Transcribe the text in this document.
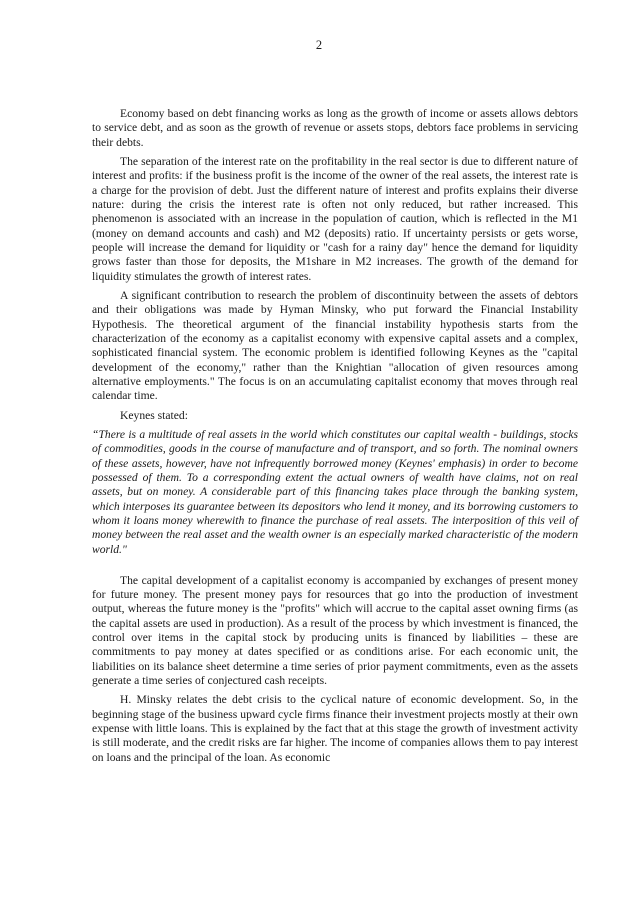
2

Economy based on debt financing works as long as the growth of income or assets allows debtors to service debt, and as soon as the growth of revenue or assets stops, debtors face problems in servicing their debts.

The separation of the interest rate on the profitability in the real sector is due to different nature of interest and profits: if the business profit is the income of the owner of the real assets, the interest rate is a charge for the provision of debt. Just the different nature of interest and profits explains their diverse nature: during the crisis the interest rate is often not only reduced, but rather increased. This phenomenon is associated with an increase in the population of caution, which is reflected in the M1 (money on demand accounts and cash) and M2 (deposits) ratio. If uncertainty persists or gets worse, people will increase the demand for liquidity or "cash for a rainy day" hence the demand for liquidity grows faster than those for deposits, the M1share in M2 increases. The growth of the demand for liquidity stimulates the growth of interest rates.

A significant contribution to research the problem of discontinuity between the assets of debtors and their obligations was made by Hyman Minsky, who put forward the Financial Instability Hypothesis. The theoretical argument of the financial instability hypothesis starts from the characterization of the economy as a capitalist economy with expensive capital assets and a complex, sophisticated financial system. The economic problem is identified following Keynes as the "capital development of the economy," rather than the Knightian "allocation of given resources among alternative employments." The focus is on an accumulating capitalist economy that moves through real calendar time.

Keynes stated:

“There is a multitude of real assets in the world which constitutes our capital wealth - buildings, stocks of commodities, goods in the course of manufacture and of transport, and so forth. The nominal owners of these assets, however, have not infrequently borrowed money (Keynes' emphasis) in order to become possessed of them. To a corresponding extent the actual owners of wealth have claims, not on real assets, but on money. A considerable part of this financing takes place through the banking system, which interposes its guarantee between its depositors who lend it money, and its borrowing customers to whom it loans money wherewith to finance the purchase of real assets. The interposition of this veil of money between the real asset and the wealth owner is an especially marked characteristic of the modern world."

The capital development of a capitalist economy is accompanied by exchanges of present money for future money. The present money pays for resources that go into the production of investment output, whereas the future money is the "profits" which will accrue to the capital asset owning firms (as the capital assets are used in production). As a result of the process by which investment is financed, the control over items in the capital stock by producing units is financed by liabilities – these are commitments to pay money at dates specified or as conditions arise. For each economic unit, the liabilities on its balance sheet determine a time series of prior payment commitments, even as the assets generate a time series of conjectured cash receipts.

H. Minsky relates the debt crisis to the cyclical nature of economic development. So, in the beginning stage of the business upward cycle firms finance their investment projects mostly at their own expense with little loans. This is explained by the fact that at this stage the growth of investment activity is still moderate, and the credit risks are far higher. The income of companies allows them to pay interest on loans and the principal of the loan. As economic
